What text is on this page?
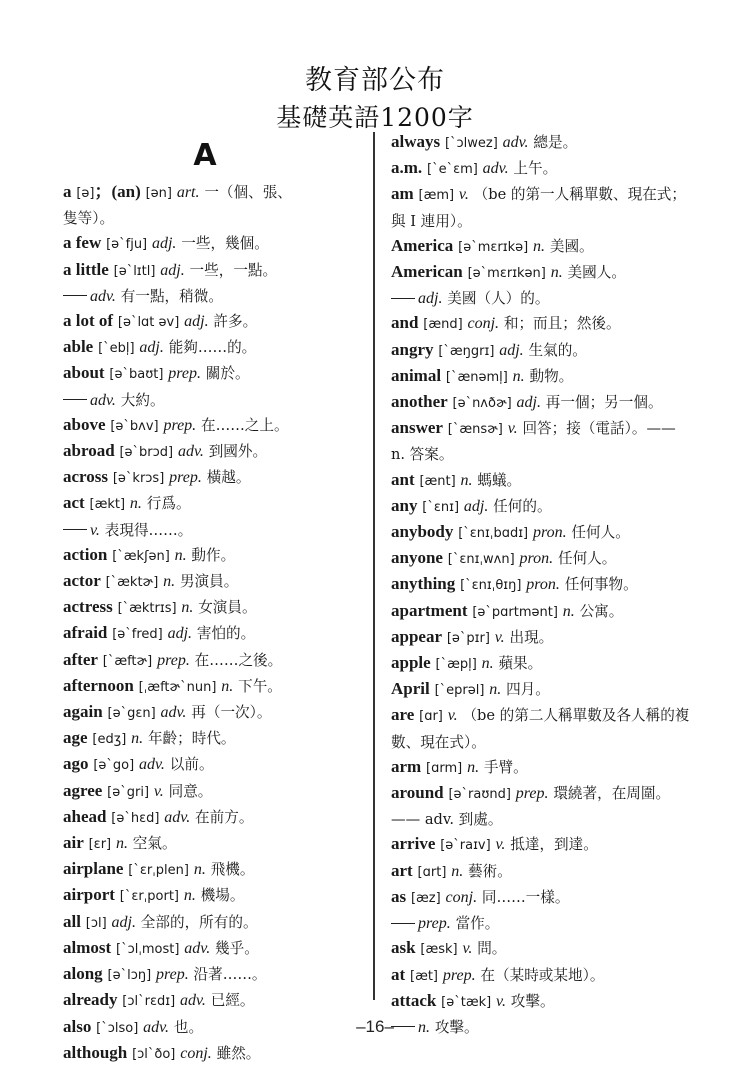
教育部公布
基礎英語1200字
A
a [ə]；(an) [ən] art. 一（個、張、
隻等）。
a few [ə`fju] adj. 一些，幾個。
a little [ə`lɪtl] adj. 一些，一點。
adv. 有一點，稍微。
a lot of [ə`lɑt əv] adj. 許多。
able [`ebl̩] adj. 能夠……的。
about [ə`baʊt] prep. 關於。
adv. 大約。
above [ə`bʌv] prep. 在……之上。
abroad [ə`brɔd] adv. 到國外。
across [ə`krɔs] prep. 橫越。
act [ækt] n. 行爲。
v. 表現得……。
action [`ækʃən] n. 動作。
actor [`æktɚ] n. 男演員。
actress [`æktrɪs] n. 女演員。
afraid [ə`fred] adj. 害怕的。
after [`æftɚ] prep. 在……之後。
afternoon [ˌæftɚ`nun] n. 下午。
again [ə`gɛn] adv. 再（一次）。
age [edʒ] n. 年齡；時代。
ago [ə`go] adv. 以前。
agree [ə`gri] v. 同意。
ahead [ə`hɛd] adv. 在前方。
air [ɛr] n. 空氣。
airplane [`ɛrˌplen] n. 飛機。
airport [`ɛrˌport] n. 機場。
all [ɔl] adj. 全部的，所有的。
almost [`ɔlˌmost] adv. 幾乎。
along [ə`lɔŋ] prep. 沿著……。
already [ɔl`rɛdɪ] adv. 已經。
also [`ɔlso] adv. 也。
although [ɔl`ðo] conj. 雖然。
always [`ɔlwez] adv. 總是。
a.m. [`e`ɛm] adv. 上午。
am [æm] v. （be 的第一人稱單數、現在式；與 I 連用）。
America [ə`mɛrɪkə] n. 美國。
American [ə`mɛrɪkən] n. 美國人。
adj. 美國（人）的。
and [ænd] conj. 和；而且；然後。
angry [`æŋgrɪ] adj. 生氣的。
animal [`ænəml̩] n. 動物。
another [ə`nʌðɚ] adj. 再一個；另一個。
answer [`ænsɚ] v. 回答；接（電話）。—— n. 答案。
ant [ænt] n. 螞蟻。
any [`ɛnɪ] adj. 任何的。
anybody [`ɛnɪˌbɑdɪ] pron. 任何人。
anyone [`ɛnɪˌwʌn] pron. 任何人。
anything [`ɛnɪˌθɪŋ] pron. 任何事物。
apartment [ə`pɑrtmənt] n. 公寓。
appear [ə`pɪr] v. 出現。
apple [`æpl̩] n. 蘋果。
April [`eprəl] n. 四月。
are [ɑr] v. （be 的第二人稱單數及各人稱的複數、現在式）。
arm [ɑrm] n. 手臂。
around [ə`raʊnd] prep. 環繞著，在周圍。—— adv. 到處。
arrive [ə`raɪv] v. 抵達，到達。
art [ɑrt] n. 藝術。
as [æz] conj. 同……一樣。
prep. 當作。
ask [æsk] v. 問。
at [æt] prep. 在（某時或某地）。
attack [ə`tæk] v. 攻擊。
n. 攻擊。
–16–
